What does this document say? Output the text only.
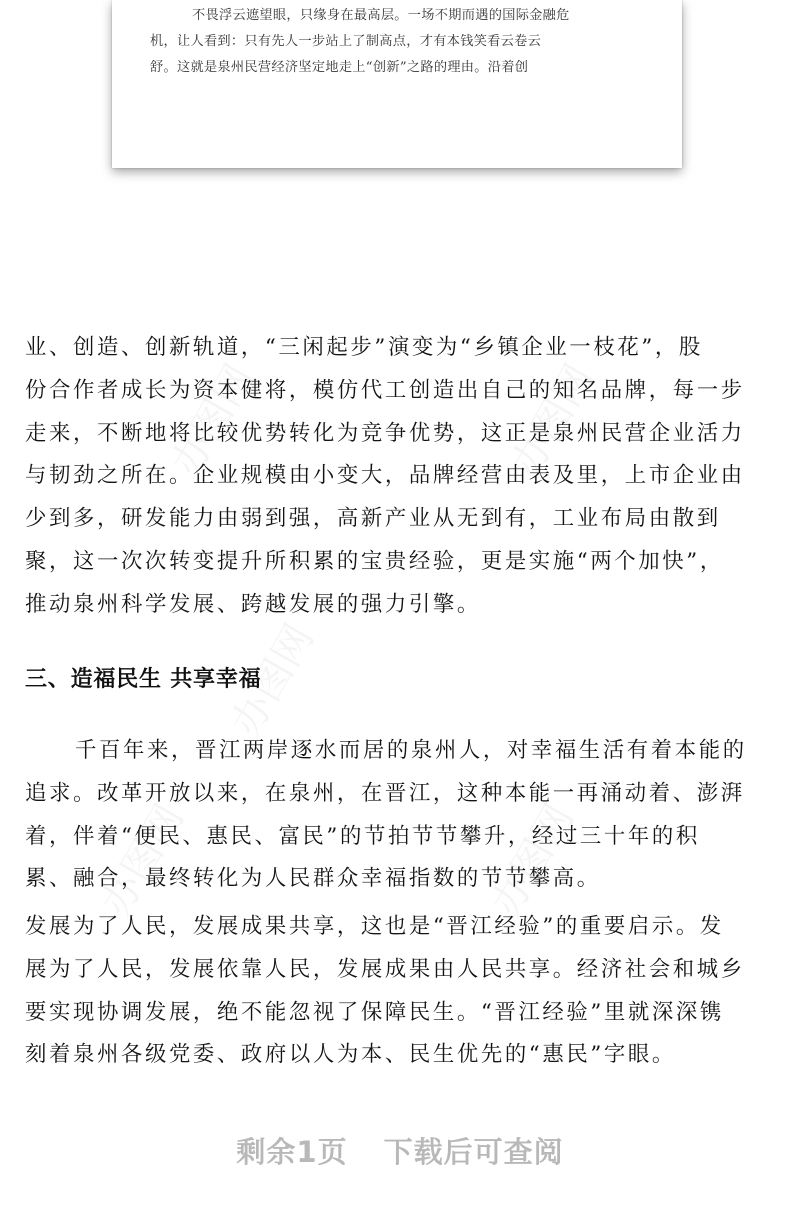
不畏浮云遮望眼，只缘身在最高层。一场不期而遇的国际金融危
机，让人看到：只有先人一步站上了制高点，才有本钱笑看云卷云
舒。这就是泉州民营经济坚定地走上“创新”之路的理由。沿着创
业、创造、创新轨道，“三闲起步”演变为“乡镇企业一枝花”，股
份合作者成长为资本健将，模仿代工创造出自己的知名品牌，每一步
走来，不断地将比较优势转化为竞争优势，这正是泉州民营企业活力
与韧劲之所在。企业规模由小变大，品牌经营由表及里，上市企业由
少到多，研发能力由弱到强，高新产业从无到有，工业布局由散到
聚，这一次次转变提升所积累的宝贵经验，更是实施“两个加快”，
推动泉州科学发展、跨越发展的强力引擎。
三、造福民生 共享幸福
千百年来，晋江两岸逐水而居的泉州人，对幸福生活有着本能的
追求。改革开放以来，在泉州，在晋江，这种本能一再涌动着、澎湃
着，伴着“便民、惠民、富民”的节拍节节攀升，经过三十年的积
累、融合，最终转化为人民群众幸福指数的节节攀高。
发展为了人民，发展成果共享，这也是“晋江经验”的重要启示。发
展为了人民，发展依靠人民，发展成果由人民共享。经济社会和城乡
要实现协调发展，绝不能忽视了保障民生。“晋江经验”里就深深镌
刻着泉州各级党委、政府以人为本、民生优先的“惠民”字眼。
剩余1页 下载后可查阅
